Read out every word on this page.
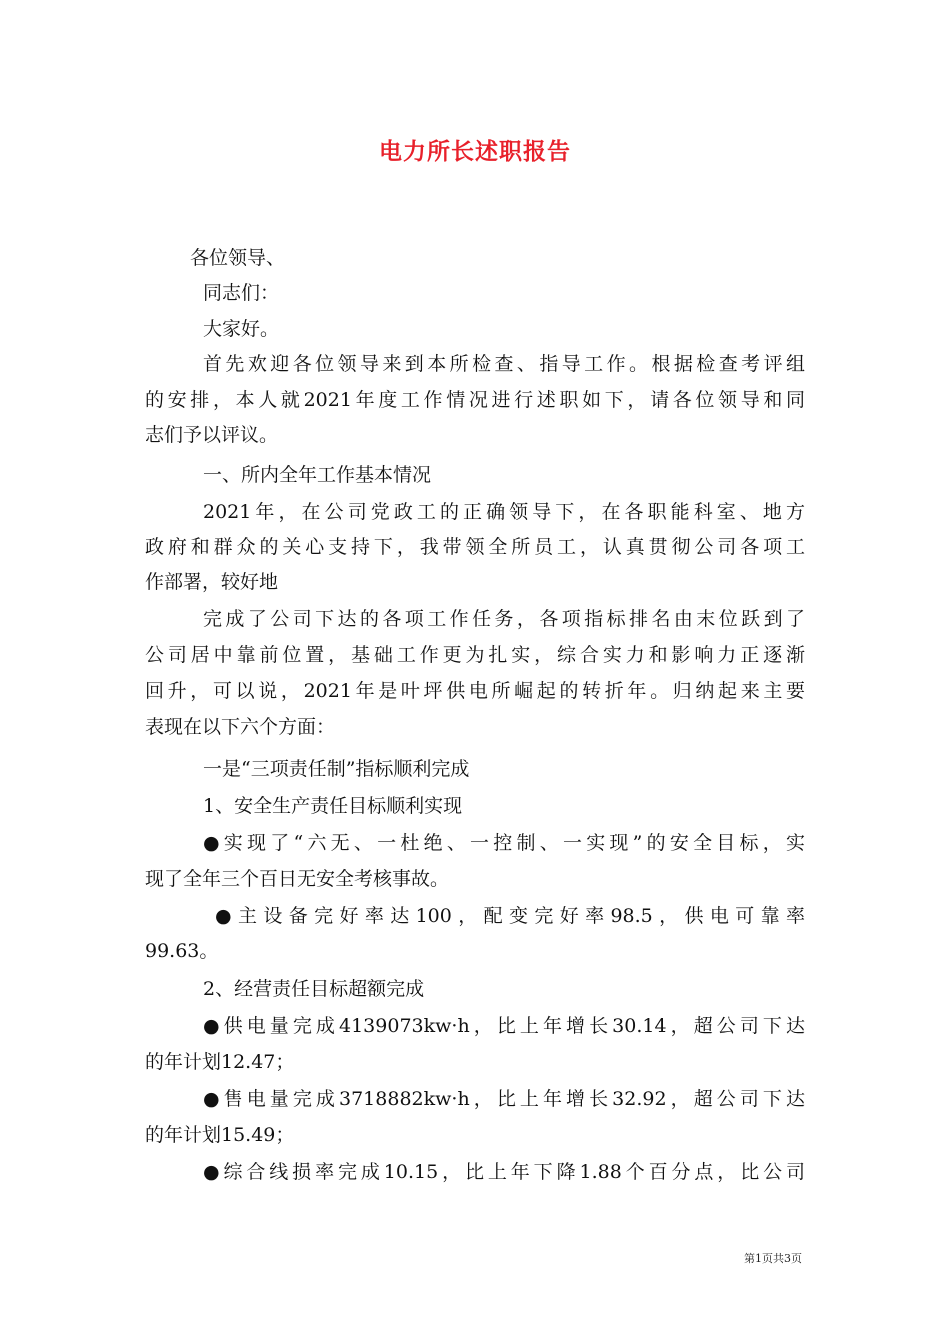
电力所长述职报告
各位领导、
同志们：
大家好。
首先欢迎各位领导来到本所检查、指导工作。根据检查考评组
的安排，本人就2021年度工作情况进行述职如下，请各位领导和同
志们予以评议。
一、所内全年工作基本情况
2021年，在公司党政工的正确领导下，在各职能科室、地方
政府和群众的关心支持下，我带领全所员工，认真贯彻公司各项工
作部署，较好地
完成了公司下达的各项工作任务，各项指标排名由末位跃到了
公司居中靠前位置，基础工作更为扎实，综合实力和影响力正逐渐
回升，可以说，2021年是叶坪供电所崛起的转折年。归纳起来主要
表现在以下六个方面：
一是“三项责任制”指标顺利完成
1、安全生产责任目标顺利实现
●实现了“六无、一杜绝、一控制、一实现”的安全目标，实
现了全年三个百日无安全考核事故。
●主设备完好率达100，配变完好率98.5，供电可靠率
99.63。
2、经营责任目标超额完成
●供电量完成4139073kw·h，比上年增长30.14，超公司下达
的年计划12.47；
●售电量完成3718882kw·h，比上年增长32.92，超公司下达
的年计划15.49；
●综合线损率完成10.15，比上年下降1.88个百分点，比公司
第1页共3页
